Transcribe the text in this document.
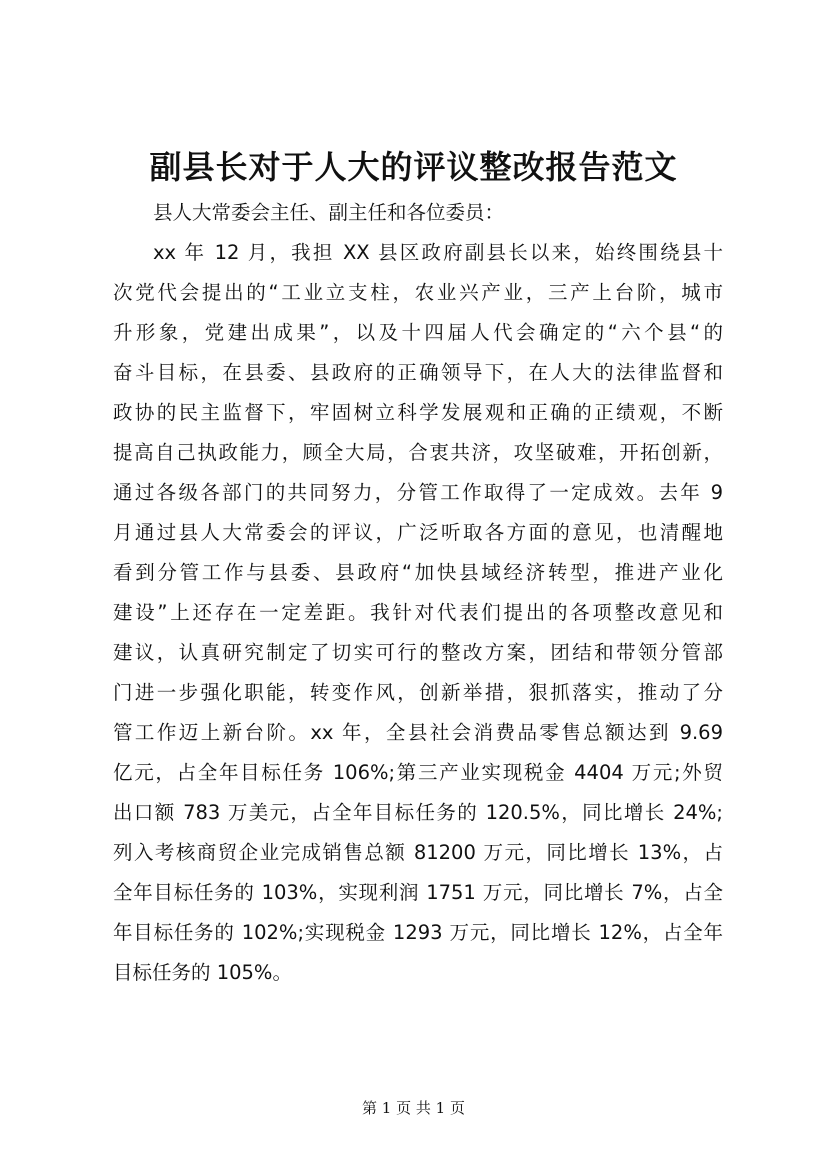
副县长对于人大的评议整改报告范文
县人大常委会主任、副主任和各位委员：
xx 年 12 月，我担 XX 县区政府副县长以来，始终围绕县十
次党代会提出的“工业立支柱，农业兴产业，三产上台阶，城市
升形象，党建出成果”，以及十四届人代会确定的“六个县“的
奋斗目标，在县委、县政府的正确领导下，在人大的法律监督和
政协的民主监督下，牢固树立科学发展观和正确的正绩观，不断
提高自己执政能力，顾全大局，合衷共济，攻坚破难，开拓创新，
通过各级各部门的共同努力，分管工作取得了一定成效。去年 9
月通过县人大常委会的评议，广泛听取各方面的意见，也清醒地
看到分管工作与县委、县政府“加快县域经济转型，推进产业化
建设”上还存在一定差距。我针对代表们提出的各项整改意见和
建议，认真研究制定了切实可行的整改方案，团结和带领分管部
门进一步强化职能，转变作风，创新举措，狠抓落实，推动了分
管工作迈上新台阶。xx 年，全县社会消费品零售总额达到 9.69
亿元，占全年目标任务 106%;第三产业实现税金 4404 万元;外贸
出口额 783 万美元，占全年目标任务的 120.5%，同比增长 24%;
列入考核商贸企业完成销售总额 81200 万元，同比增长 13%，占
全年目标任务的 103%，实现利润 1751 万元，同比增长 7%，占全
年目标任务的 102%;实现税金 1293 万元，同比增长 12%，占全年
目标任务的 105%。
第 1 页 共 1 页
